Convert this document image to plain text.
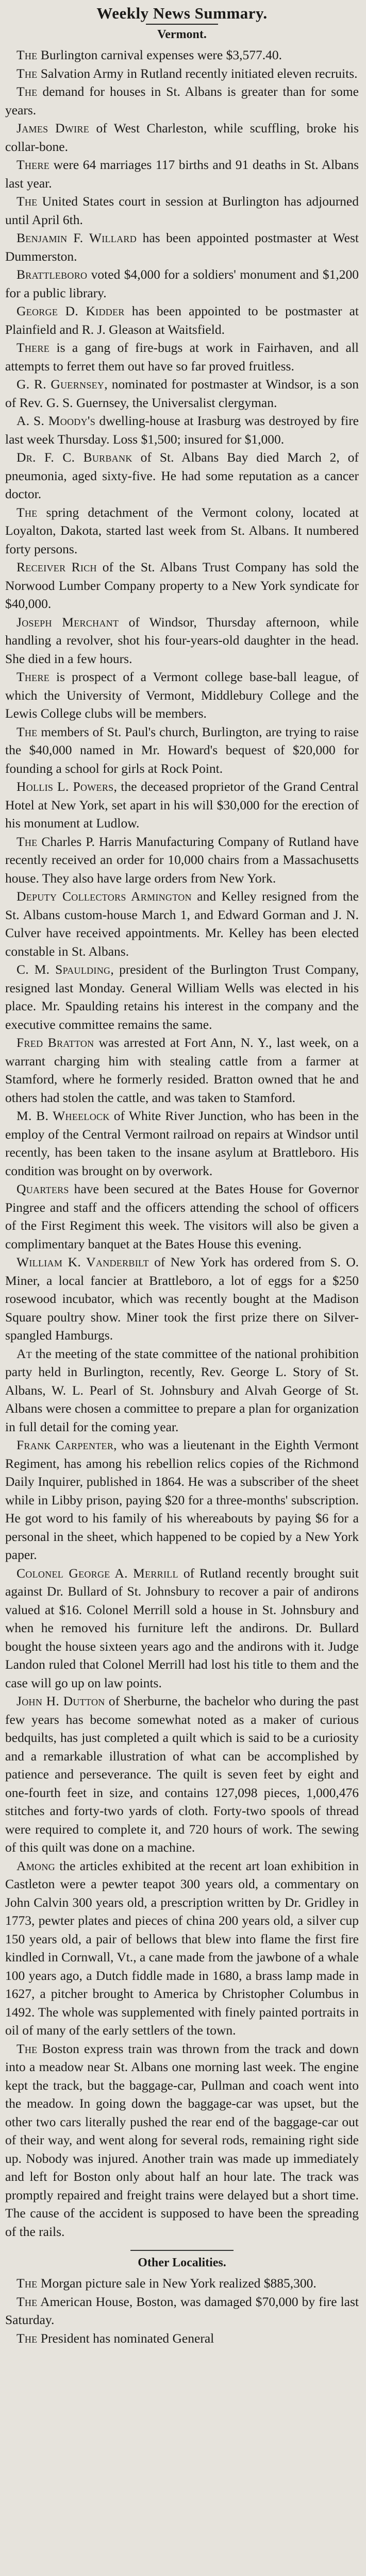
Weekly News Summary.
Vermont.

The Burlington carnival expenses were $3,577.40.

The Salvation Army in Rutland recently initiated eleven recruits.

The demand for houses in St. Albans is greater than for some years.

James Dwire of West Charleston, while scuffling, broke his collar-bone.

There were 64 marriages 117 births and 91 deaths in St. Albans last year.

The United States court in session at Burlington has adjourned until April 6th.

Benjamin F. Willard has been appointed postmaster at West Dummerston.

Brattleboro voted $4,000 for a soldiers' monument and $1,200 for a public library.

George D. Kidder has been appointed to be postmaster at Plainfield and R. J. Gleason at Waitsfield.

There is a gang of fire-bugs at work in Fairhaven, and all attempts to ferret them out have so far proved fruitless.

G. R. Guernsey, nominated for postmaster at Windsor, is a son of Rev. G. S. Guernsey, the Universalist clergyman.

A. S. Moody's dwelling-house at Irasburg was destroyed by fire last week Thursday. Loss $1,500; insured for $1,000.

Dr. F. C. Burbank of St. Albans Bay died March 2, of pneumonia, aged sixty-five. He had some reputation as a cancer doctor.

The spring detachment of the Vermont colony, located at Loyalton, Dakota, started last week from St. Albans. It numbered forty persons.

Receiver Rich of the St. Albans Trust Company has sold the Norwood Lumber Company property to a New York syndicate for $40,000.

Joseph Merchant of Windsor, Thursday afternoon, while handling a revolver, shot his four-years-old daughter in the head. She died in a few hours.

There is prospect of a Vermont college base-ball league, of which the University of Vermont, Middlebury College and the Lewis College clubs will be members.

The members of St. Paul's church, Burlington, are trying to raise the $40,000 named in Mr. Howard's bequest of $20,000 for founding a school for girls at Rock Point.

Hollis L. Powers, the deceased proprietor of the Grand Central Hotel at New York, set apart in his will $30,000 for the erection of his monument at Ludlow.

The Charles P. Harris Manufacturing Company of Rutland have recently received an order for 10,000 chairs from a Massachusetts house. They also have large orders from New York.

Deputy Collectors Armington and Kelley resigned from the St. Albans custom-house March 1, and Edward Gorman and J. N. Culver have received appointments. Mr. Kelley has been elected constable in St. Albans.

C. M. Spaulding, president of the Burlington Trust Company, resigned last Monday. General William Wells was elected in his place. Mr. Spaulding retains his interest in the company and the executive committee remains the same.

Fred Bratton was arrested at Fort Ann, N. Y., last week, on a warrant charging him with stealing cattle from a farmer at Stamford, where he formerly resided. Bratton owned that he and others had stolen the cattle, and was taken to Stamford.

M. B. Wheelock of White River Junction, who has been in the employ of the Central Vermont railroad on repairs at Windsor until recently, has been taken to the insane asylum at Brattleboro. His condition was brought on by overwork.

Quarters have been secured at the Bates House for Governor Pingree and staff and the officers attending the school of officers of the First Regiment this week. The visitors will also be given a complimentary banquet at the Bates House this evening.

William K. Vanderbilt of New York has ordered from S. O. Miner, a local fancier at Brattleboro, a lot of eggs for a $250 rosewood incubator, which was recently bought at the Madison Square poultry show. Miner took the first prize there on Silver-spangled Hamburgs.

At the meeting of the state committee of the national prohibition party held in Burlington, recently, Rev. George L. Story of St. Albans, W. L. Pearl of St. Johnsbury and Alvah George of St. Albans were chosen a committee to prepare a plan for organization in full detail for the coming year.

Frank Carpenter, who was a lieutenant in the Eighth Vermont Regiment, has among his rebellion relics copies of the Richmond Daily Inquirer, published in 1864. He was a subscriber of the sheet while in Libby prison, paying $20 for a three-months' subscription. He got word to his family of his whereabouts by paying $6 for a personal in the sheet, which happened to be copied by a New York paper.

Colonel George A. Merrill of Rutland recently brought suit against Dr. Bullard of St. Johnsbury to recover a pair of andirons valued at $16. Colonel Merrill sold a house in St. Johnsbury and when he removed his furniture left the andirons. Dr. Bullard bought the house sixteen years ago and the andirons with it. Judge Landon ruled that Colonel Merrill had lost his title to them and the case will go up on law points.

John H. Dutton of Sherburne, the bachelor who during the past few years has become somewhat noted as a maker of curious bedquilts, has just completed a quilt which is said to be a curiosity and a remarkable illustration of what can be accomplished by patience and perseverance. The quilt is seven feet by eight and one-fourth feet in size, and contains 127,098 pieces, 1,000,476 stitches and forty-two yards of cloth. Forty-two spools of thread were required to complete it, and 720 hours of work. The sewing of this quilt was done on a machine.

Among the articles exhibited at the recent art loan exhibition in Castleton were a pewter teapot 300 years old, a commentary on John Calvin 300 years old, a prescription written by Dr. Gridley in 1773, pewter plates and pieces of china 200 years old, a silver cup 150 years old, a pair of bellows that blew into flame the first fire kindled in Cornwall, Vt., a cane made from the jawbone of a whale 100 years ago, a Dutch fiddle made in 1680, a brass lamp made in 1627, a pitcher brought to America by Christopher Columbus in 1492. The whole was supplemented with finely painted portraits in oil of many of the early settlers of the town.

The Boston express train was thrown from the track and down into a meadow near St. Albans one morning last week. The engine kept the track, but the baggage-car, Pullman and coach went into the meadow. In going down the baggage-car was upset, but the other two cars literally pushed the rear end of the baggage-car out of their way, and went along for several rods, remaining right side up. Nobody was injured. Another train was made up immediately and left for Boston only about half an hour late. The track was promptly repaired and freight trains were delayed but a short time. The cause of the accident is supposed to have been the spreading of the rails.

Other Localities.

The Morgan picture sale in New York realized $885,300.

The American House, Boston, was damaged $70,000 by fire last Saturday.

The President has nominated General
